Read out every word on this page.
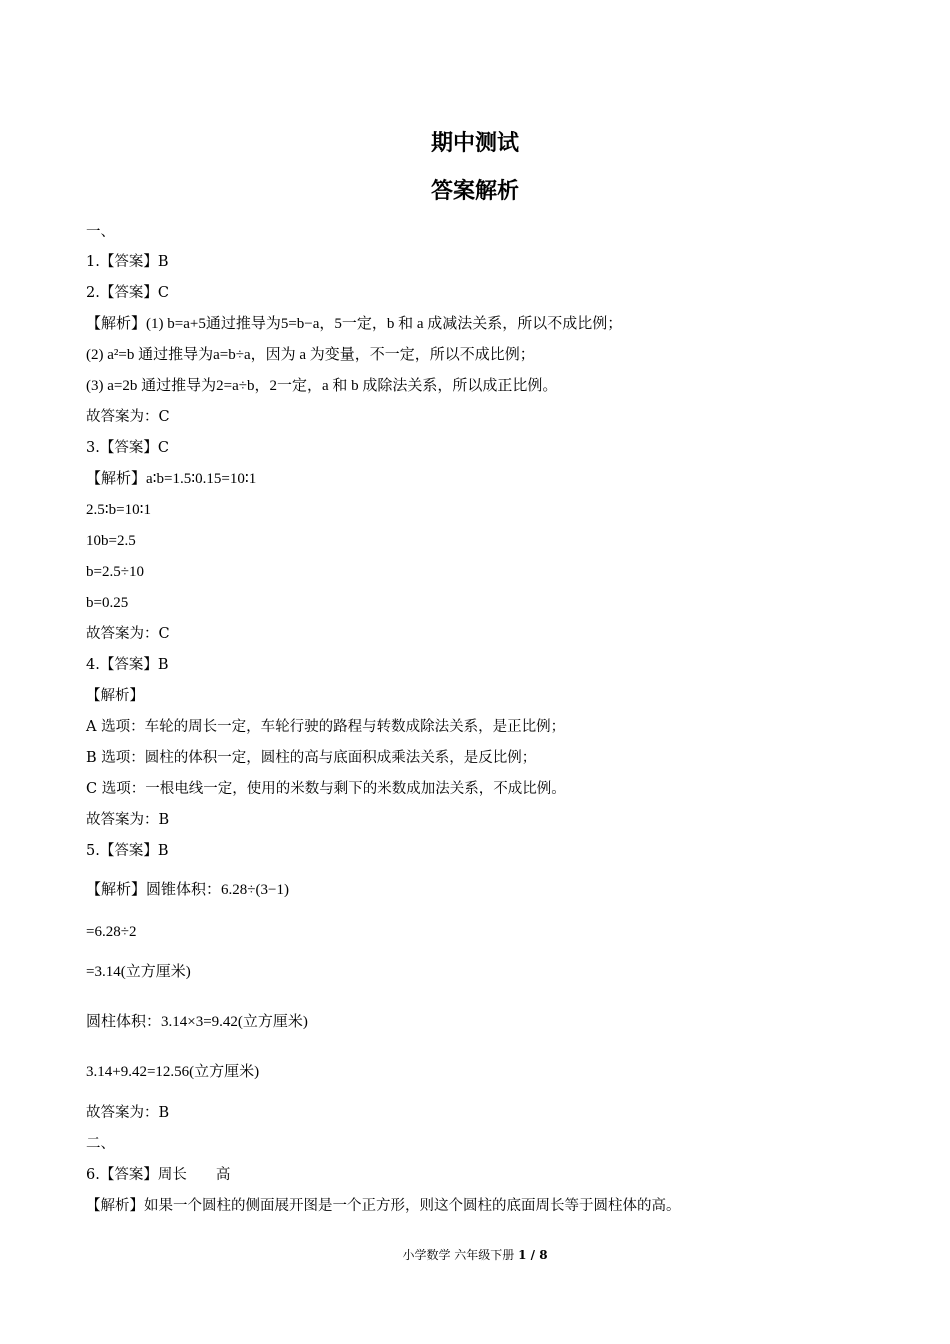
期中测试
答案解析
一、
1.【答案】B
2.【答案】C
【解析】(1) b=a+5通过推导为5=b−a，5一定，b 和 a 成减法关系，所以不成比例；
(2) a²=b 通过推导为a=b÷a，因为 a 为变量，不一定，所以不成比例；
(3) a=2b 通过推导为2=a÷b，2一定，a 和 b 成除法关系，所以成正比例。
故答案为：C
3.【答案】C
【解析】a∶b=1.5∶0.15=10∶1
2.5∶b=10∶1
10b=2.5
b=2.5÷10
b=0.25
故答案为：C
4.【答案】B
【解析】
A 选项：车轮的周长一定，车轮行驶的路程与转数成除法关系，是正比例；
B 选项：圆柱的体积一定，圆柱的高与底面积成乘法关系，是反比例；
C 选项：一根电线一定，使用的米数与剩下的米数成加法关系，不成比例。
故答案为：B
5.【答案】B
【解析】圆锥体积：6.28÷(3−1)
=6.28÷2
=3.14(立方厘米)
圆柱体积：3.14×3=9.42(立方厘米)
3.14+9.42=12.56(立方厘米)
故答案为：B
二、
6.【答案】周长　　高
【解析】如果一个圆柱的侧面展开图是一个正方形，则这个圆柱的底面周长等于圆柱体的高。
小学数学 六年级下册 1 / 8
